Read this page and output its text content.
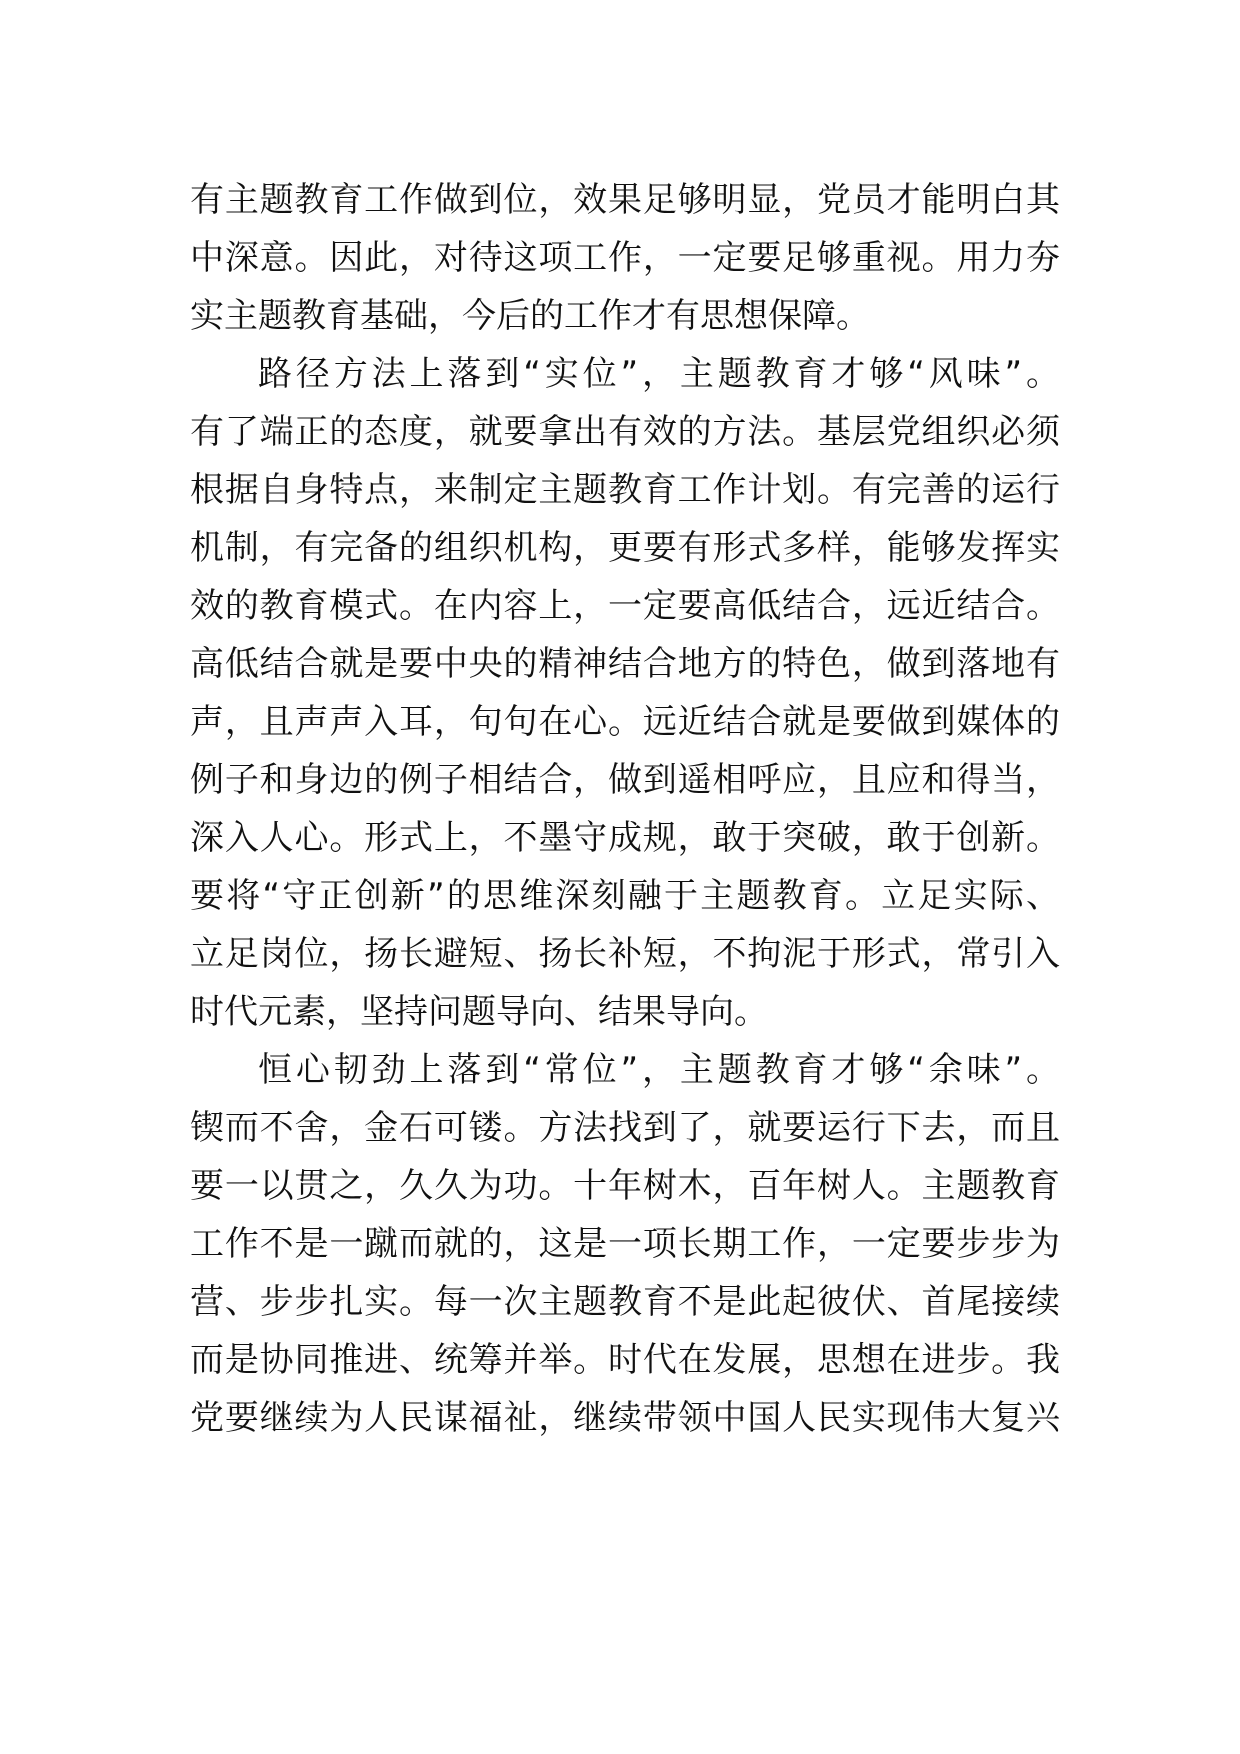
有主题教育工作做到位，效果足够明显，党员才能明白其
中深意。因此，对待这项工作，一定要足够重视。用力夯
实主题教育基础，今后的工作才有思想保障。
路径方法上落到“实位”，主题教育才够“风味”。
有了端正的态度，就要拿出有效的方法。基层党组织必须
根据自身特点，来制定主题教育工作计划。有完善的运行
机制，有完备的组织机构，更要有形式多样，能够发挥实
效的教育模式。在内容上，一定要高低结合，远近结合。
高低结合就是要中央的精神结合地方的特色，做到落地有
声，且声声入耳，句句在心。远近结合就是要做到媒体的
例子和身边的例子相结合，做到遥相呼应，且应和得当，
深入人心。形式上，不墨守成规，敢于突破，敢于创新。
要将“守正创新”的思维深刻融于主题教育。立足实际、
立足岗位，扬长避短、扬长补短，不拘泥于形式，常引入
时代元素，坚持问题导向、结果导向。
恒心韧劲上落到“常位”，主题教育才够“余味”。
锲而不舍，金石可镂。方法找到了，就要运行下去，而且
要一以贯之，久久为功。十年树木，百年树人。主题教育
工作不是一蹴而就的，这是一项长期工作，一定要步步为
营、步步扎实。每一次主题教育不是此起彼伏、首尾接续
而是协同推进、统筹并举。时代在发展，思想在进步。我
党要继续为人民谋福祉，继续带领中国人民实现伟大复兴
